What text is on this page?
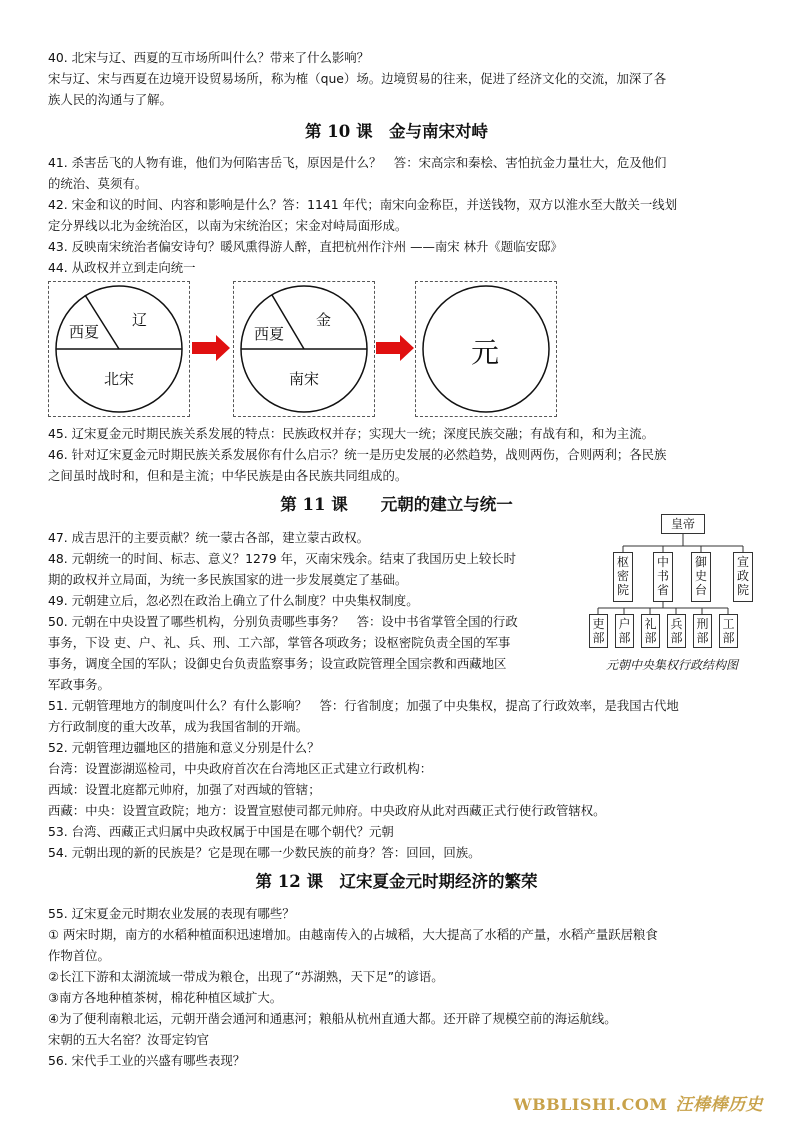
40. 北宋与辽、西夏的互市场所叫什么？带来了什么影响？
宋与辽、宋与西夏在边境开设贸易场所，称为榷（que）场。边境贸易的往来，促进了经济文化的交流，加深了各
族人民的沟通与了解。
第 10 课　金与南宋对峙
41. 杀害岳飞的人物有谁，他们为何陷害岳飞，原因是什么？　答：宋高宗和秦桧、害怕抗金力量壮大，危及他们
的统治、莫须有。
42. 宋金和议的时间、内容和影响是什么？答：1141 年代；南宋向金称臣，并送钱物，双方以淮水至大散关一线划
定分界线以北为金统治区，以南为宋统治区；宋金对峙局面形成。
43. 反映南宋统治者偏安诗句？暖风熏得游人醉，直把杭州作汴州 ——南宋 林升《题临安邸》
44. 从政权并立到走向统一
西夏
辽
北宋
西夏
金
南宋
元
45. 辽宋夏金元时期民族关系发展的特点：民族政权并存；实现大一统；深度民族交融；有战有和，和为主流。
46. 针对辽宋夏金元时期民族关系发展你有什么启示？统一是历史发展的必然趋势，战则两伤，合则两利；各民族
之间虽时战时和，但和是主流；中华民族是由各民族共同组成的。
第 11 课　　元朝的建立与统一
47. 成吉思汗的主要贡献？统一蒙古各部，建立蒙古政权。
48. 元朝统一的时间、标志、意义？1279 年，灭南宋残余。结束了我国历史上较长时
期的政权并立局面，为统一多民族国家的进一步发展奠定了基础。
49. 元朝建立后，忽必烈在政治上确立了什么制度？中央集权制度。
50. 元朝在中央设置了哪些机构，分别负责哪些事务？　答：设中书省掌管全国的行政
事务，下设 吏、户、礼、兵、刑、工六部，掌管各项政务；设枢密院负责全国的军事
事务，调度全国的军队；设御史台负责监察事务；设宣政院管理全国宗教和西藏地区
军政事务。
皇帝
枢密院
中书省
御史台
宣政院
吏部
户部
礼部
兵部
刑部
工部
元朝中央集权行政结构图
51. 元朝管理地方的制度叫什么？有什么影响？　答：行省制度；加强了中央集权，提高了行政效率，是我国古代地
方行政制度的重大改革，成为我国省制的开端。
52. 元朝管理边疆地区的措施和意义分别是什么？
台湾：设置澎湖巡检司，中央政府首次在台湾地区正式建立行政机构：
西域：设置北庭都元帅府，加强了对西域的管辖；
西藏：中央：设置宣政院；地方：设置宣慰使司都元帅府。中央政府从此对西藏正式行使行政管辖权。
53. 台湾、西藏正式归属中央政权属于中国是在哪个朝代？元朝
54. 元朝出现的新的民族是？它是现在哪一少数民族的前身？答：回回，回族。
第 12 课　辽宋夏金元时期经济的繁荣
55. 辽宋夏金元时期农业发展的表现有哪些？
① 两宋时期，南方的水稻种植面积迅速增加。由越南传入的占城稻，大大提高了水稻的产量，水稻产量跃居粮食
作物首位。
②长江下游和太湖流域一带成为粮仓，出现了“苏湖熟，天下足”的谚语。
③南方各地种植茶树，棉花种植区域扩大。
④为了便利南粮北运，元朝开凿会通河和通惠河；粮船从杭州直通大都。还开辟了规模空前的海运航线。
宋朝的五大名窑？汝哥定钧官
56. 宋代手工业的兴盛有哪些表现？
WBBLISHI.COM 汪棒棒历史
